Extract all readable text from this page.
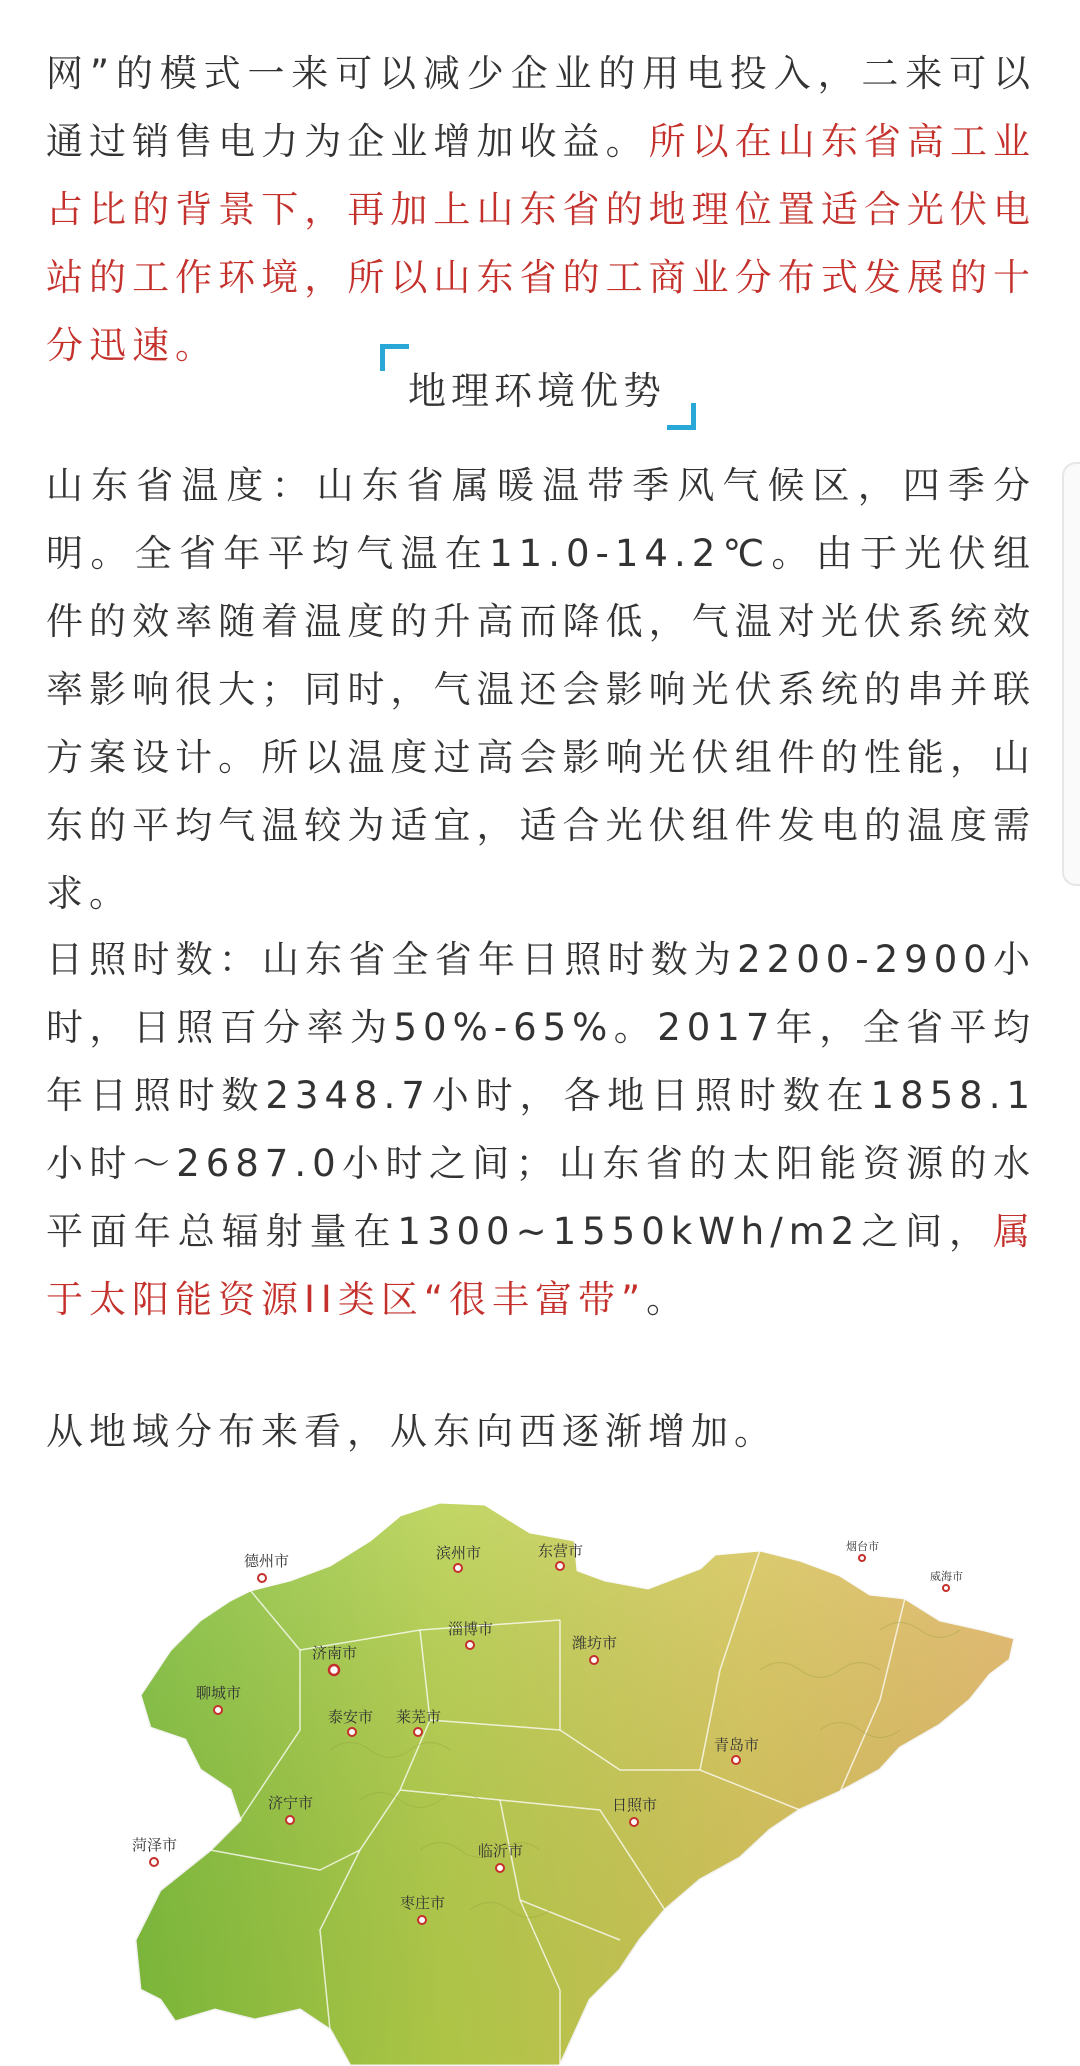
网”的模式一来可以减少企业的用电投入，二来可以通过销售电力为企业增加收益。所以在山东省高工业占比的背景下，再加上山东省的地理位置适合光伏电站的工作环境，所以山东省的工商业分布式发展的十分迅速。

地理环境优势

山东省温度：山东省属暖温带季风气候区，四季分明。全省年平均气温在11.0-14.2℃。由于光伏组件的效率随着温度的升高而降低，气温对光伏系统效率影响很大；同时，气温还会影响光伏系统的串并联方案设计。所以温度过高会影响光伏组件的性能，山东的平均气温较为适宜，适合光伏组件发电的温度需求。

日照时数：山东省全省年日照时数为2200-2900小时，日照百分率为50%-65%。2017年，全省平均年日照时数2348.7小时，各地日照时数在1858.1小时～2687.0小时之间；山东省的太阳能资源的水平面年总辐射量在1300~1550kWh/m2之间，属于太阳能资源II类区“很丰富带”。

从地域分布来看，从东向西逐渐增加。

滨州市	东营市
德州市
济南市
淄博市
潍坊市
聊城市
泰安市 莱芜市
青岛市
济宁市	日照市
菏泽市	临沂市
枣庄市
烟台市
威海市
